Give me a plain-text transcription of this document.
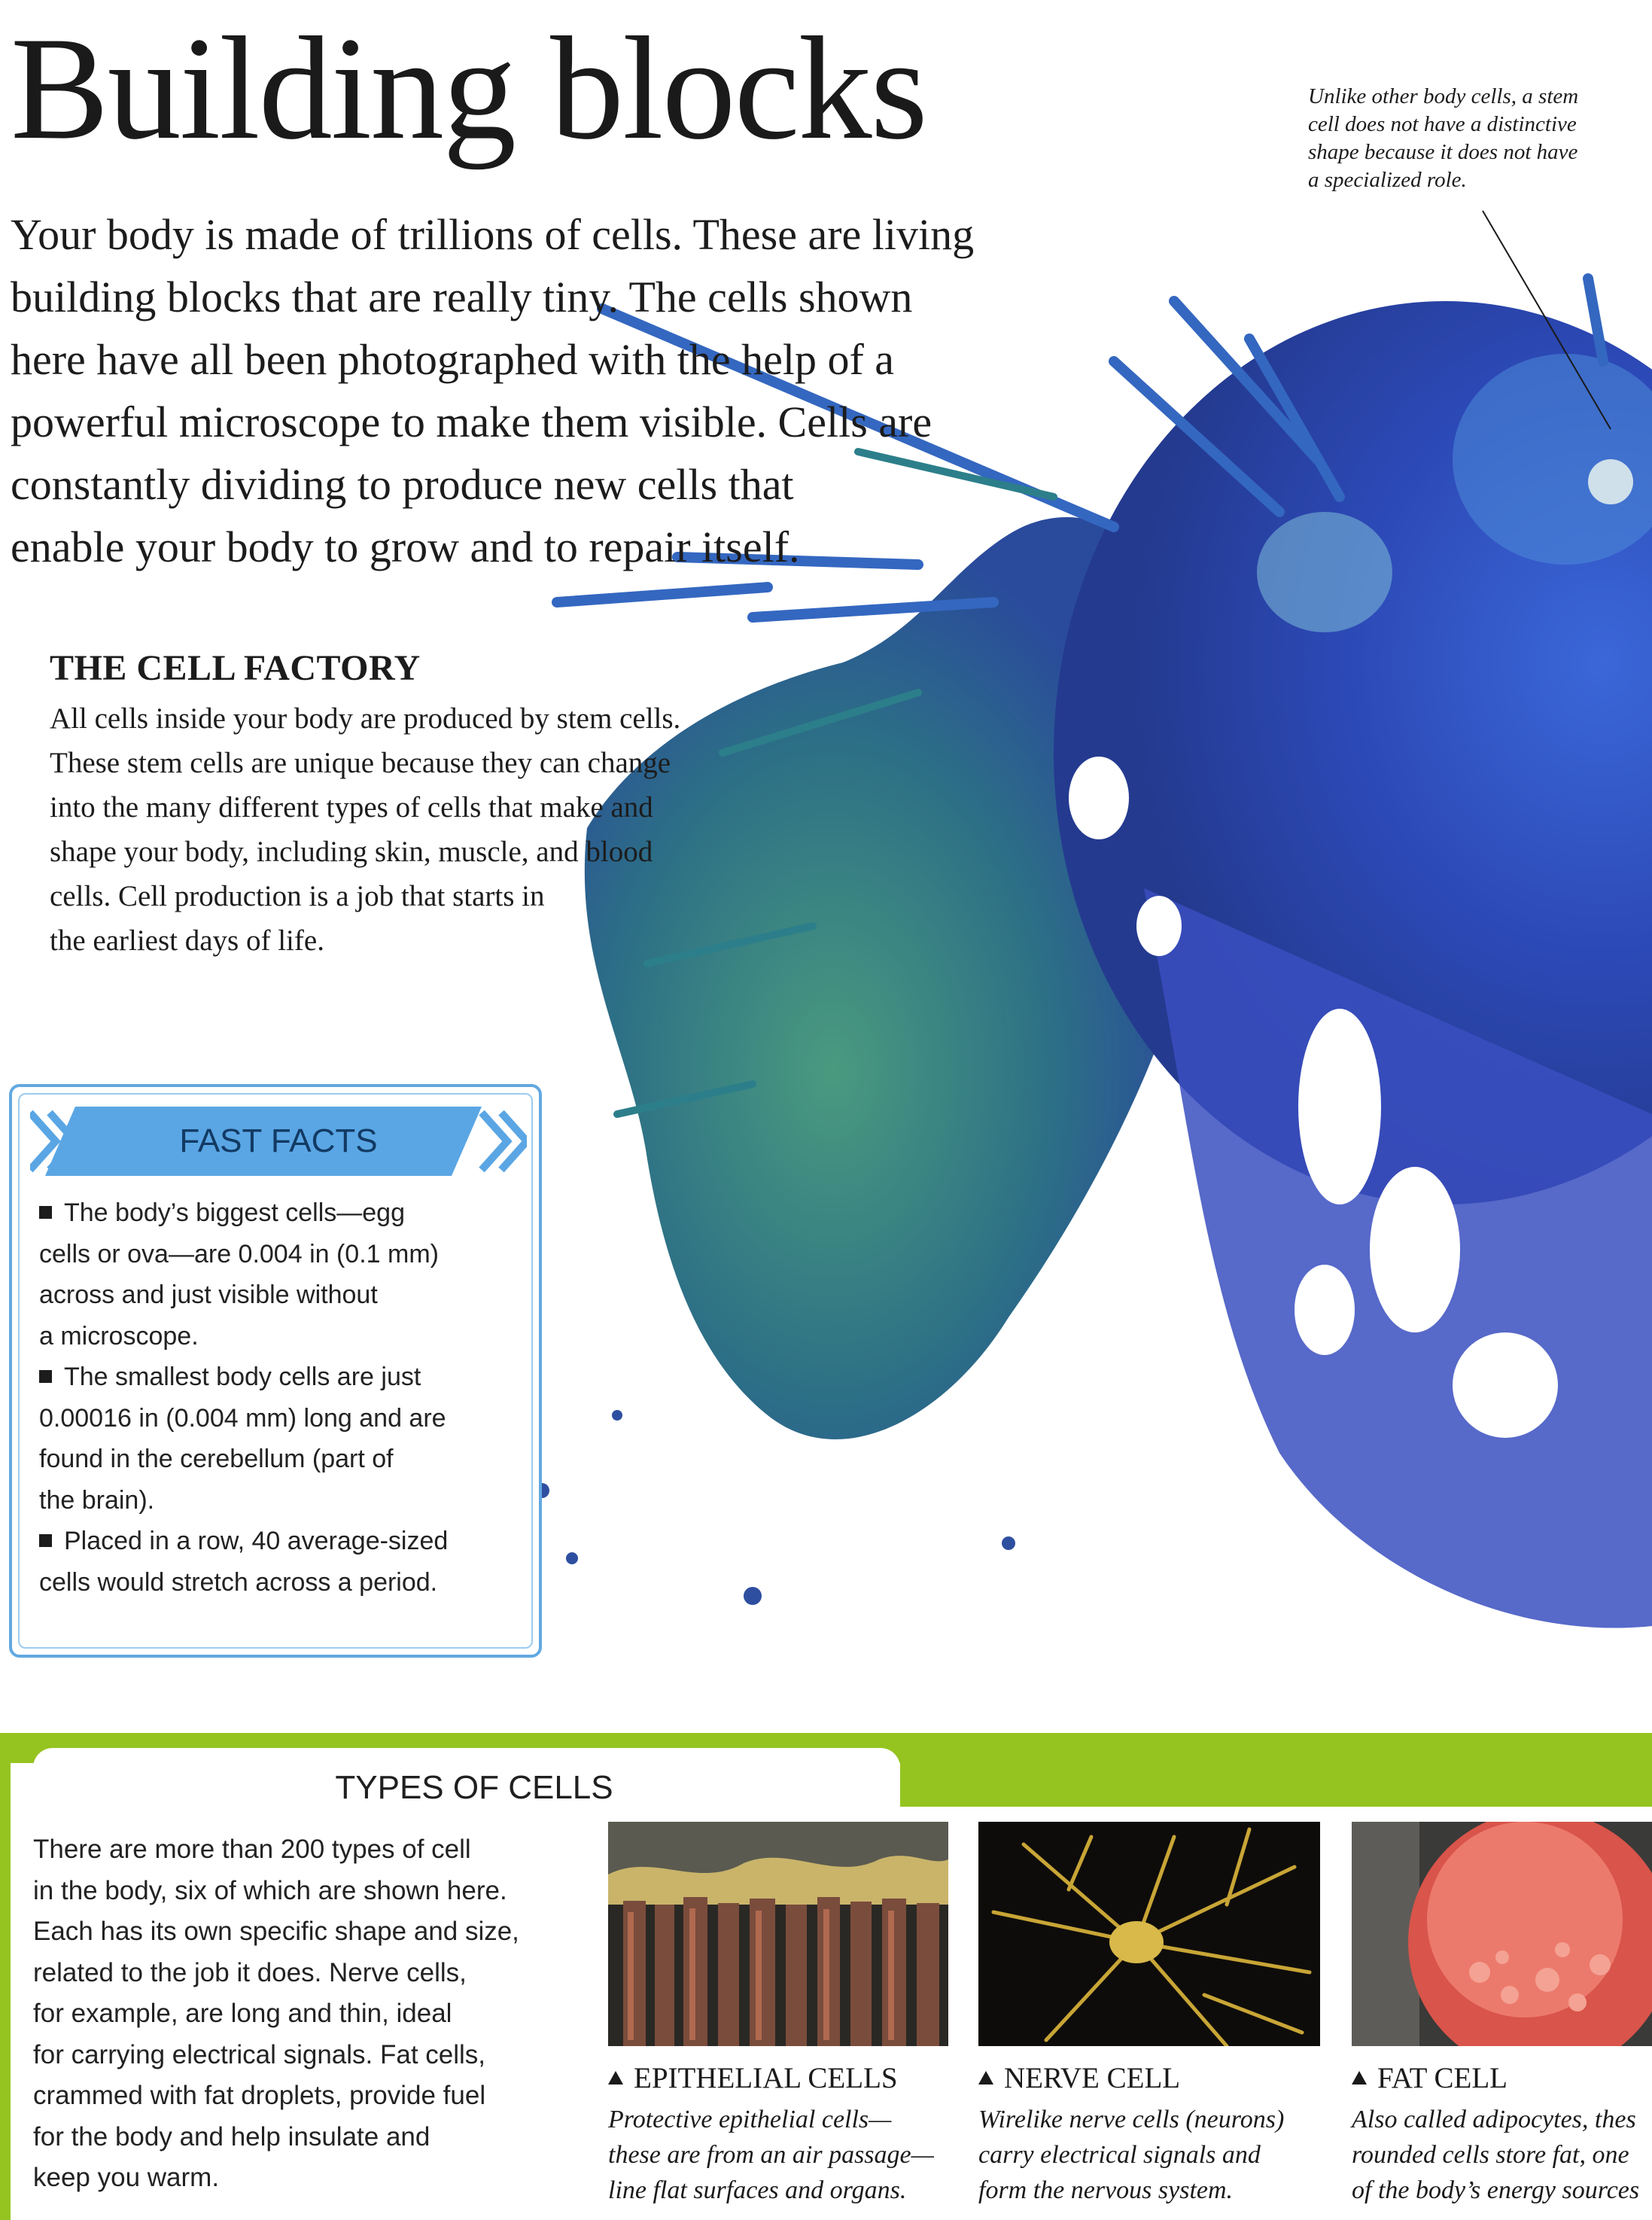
Building blocks
Your body is made of trillions of cells. These are living
building blocks that are really tiny. The cells shown
here have all been photographed with the help of a
powerful microscope to make them visible. Cells are
constantly dividing to produce new cells that
enable your body to grow and to repair itself.
Unlike other body cells, a stem
cell does not have a distinctive
shape because it does not have
a specialized role.
THE CELL FACTORY
All cells inside your body are produced by stem cells.
These stem cells are unique because they can change
into the many different types of cells that make and
shape your body, including skin, muscle, and blood
cells. Cell production is a job that starts in
the earliest days of life.
FAST FACTS
The body’s biggest cells—egg
cells or ova—are 0.004 in (0.1 mm)
across and just visible without
a microscope.
The smallest body cells are just
0.00016 in (0.004 mm) long and are
found in the cerebellum (part of
the brain).
Placed in a row, 40 average-sized
cells would stretch across a period.
TYPES OF CELLS
There are more than 200 types of cell
in the body, six of which are shown here.
Each has its own specific shape and size,
related to the job it does. Nerve cells,
for example, are long and thin, ideal
for carrying electrical signals. Fat cells,
crammed with fat droplets, provide fuel
for the body and help insulate and
keep you warm.
EPITHELIAL CELLS
Protective epithelial cells—
these are from an air passage—
line flat surfaces and organs.
NERVE CELL
Wirelike nerve cells (neurons)
carry electrical signals and
form the nervous system.
FAT CELL
Also called adipocytes, thes
rounded cells store fat, one
of the body’s energy sources
